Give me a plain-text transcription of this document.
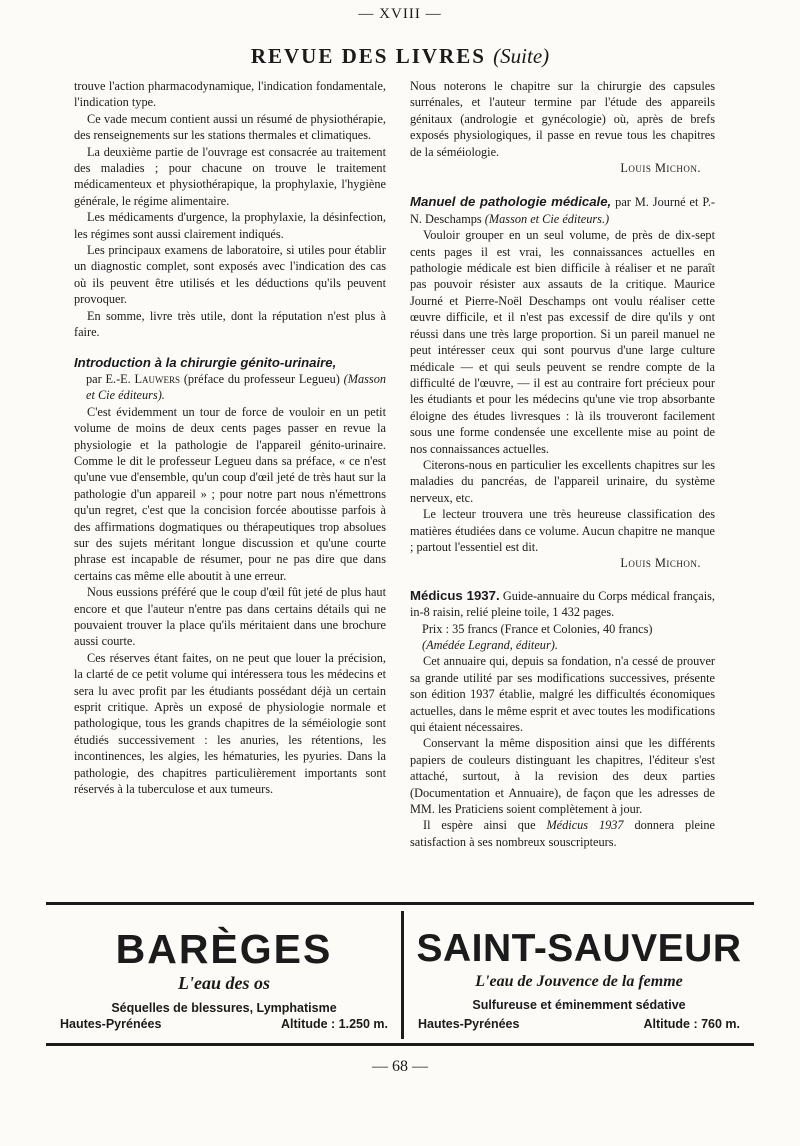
— XVIII —
REVUE DES LIVRES (Suite)

trouve l'action pharmacodynamique, l'indication fondamentale, l'indication type.

Ce vade mecum contient aussi un résumé de physiothérapie, des renseignements sur les stations thermales et climatiques.

La deuxième partie de l'ouvrage est consacrée au traitement des maladies ; pour chacune on trouve le traitement médicamenteux et physiothérapique, la prophylaxie, l'hygiène générale, le régime alimentaire.

Les médicaments d'urgence, la prophylaxie, la désinfection, les régimes sont aussi clairement indiqués.

Les principaux examens de laboratoire, si utiles pour établir un diagnostic complet, sont exposés avec l'indication des cas où ils peuvent être utilisés et les déductions qu'ils peuvent provoquer.

En somme, livre très utile, dont la réputation n'est plus à faire.

Introduction à la chirurgie génito-urinaire,

par E.-E. Lauwers (préface du professeur Legueu) (Masson et Cie éditeurs).

C'est évidemment un tour de force de vouloir en un petit volume de moins de deux cents pages passer en revue la physiologie et la pathologie de l'appareil génito-urinaire. Comme le dit le professeur Legueu dans sa préface, « ce n'est qu'une vue d'ensemble, qu'un coup d'œil jeté de très haut sur la pathologie d'un appareil » ; pour notre part nous n'émettrons qu'un regret, c'est que la concision forcée aboutisse parfois à des affirmations dogmatiques ou thérapeutiques trop absolues sur des sujets méritant longue discussion et qu'une courte phrase est incapable de résumer, pour ne pas dire que dans certains cas même elle aboutit à une erreur.

Nous eussions préféré que le coup d'œil fût jeté de plus haut encore et que l'auteur n'entre pas dans certains détails qui ne pouvaient trouver la place qu'ils méritaient dans une brochure aussi courte.

Ces réserves étant faites, on ne peut que louer la précision, la clarté de ce petit volume qui intéressera tous les médecins et sera lu avec profit par les étudiants possédant déjà un certain esprit critique. Après un exposé de physiologie normale et pathologique, tous les grands chapitres de la séméiologie sont étudiés successivement : les anuries, les rétentions, les incontinences, les algies, les hématuries, les pyuries. Dans la pathologie, des chapitres particulièrement importants sont réservés à la tuberculose et aux tumeurs.

Nous noterons le chapitre sur la chirurgie des capsules surrénales, et l'auteur termine par l'étude des appareils génitaux (andrologie et gynécologie) où, après de brefs exposés physiologiques, il passe en revue tous les chapitres de la séméiologie.

Louis Michon.

Manuel de pathologie médicale, par M. Journé et P.-N. Deschamps (Masson et Cie éditeurs.)

Vouloir grouper en un seul volume, de près de dix-sept cents pages il est vrai, les connaissances actuelles en pathologie médicale est bien difficile à réaliser et ne paraît pas pouvoir résister aux assauts de la critique. Maurice Journé et Pierre-Noël Deschamps ont voulu réaliser cette œuvre difficile, et il n'est pas excessif de dire qu'ils y ont réussi dans une très large proportion. Si un pareil manuel ne peut intéresser ceux qui sont pourvus d'une large culture médicale — et qui seuls peuvent se rendre compte de la difficulté de l'œuvre, — il est au contraire fort précieux pour les étudiants et pour les médecins qu'une vie trop absorbante éloigne des études livresques : là ils trouveront facilement sous une forme condensée une excellente mise au point de nos connaissances actuelles.

Citerons-nous en particulier les excellents chapitres sur les maladies du pancréas, de l'appareil urinaire, du système nerveux, etc.

Le lecteur trouvera une très heureuse classification des matières étudiées dans ce volume. Aucun chapitre ne manque ; partout l'essentiel est dit.

Louis Michon.

Médicus 1937. Guide-annuaire du Corps médical français, in-8 raisin, relié pleine toile, 1 432 pages.

Prix : 35 francs (France et Colonies, 40 francs)

(Amédée Legrand, éditeur).

Cet annuaire qui, depuis sa fondation, n'a cessé de prouver sa grande utilité par ses modifications successives, présente son édition 1937 établie, malgré les difficultés économiques actuelles, dans le même esprit et avec toutes les modifications qui étaient nécessaires.

Conservant la même disposition ainsi que les différents papiers de couleurs distinguant les chapitres, l'éditeur s'est attaché, surtout, à la revision des deux parties (Documentation et Annuaire), de façon que les adresses de MM. les Praticiens soient complètement à jour.

Il espère ainsi que Médicus 1937 donnera pleine satisfaction à ses nombreux souscripteurs.

BARÈGES
L'eau des os
Séquelles de blessures, Lymphatisme
Hautes-Pyrénées	Altitude : 1.250 m.
SAINT-SAUVEUR
L'eau de Jouvence de la femme
Sulfureuse et éminemment sédative
Hautes-Pyrénées	Altitude : 760 m.
— 68 —
